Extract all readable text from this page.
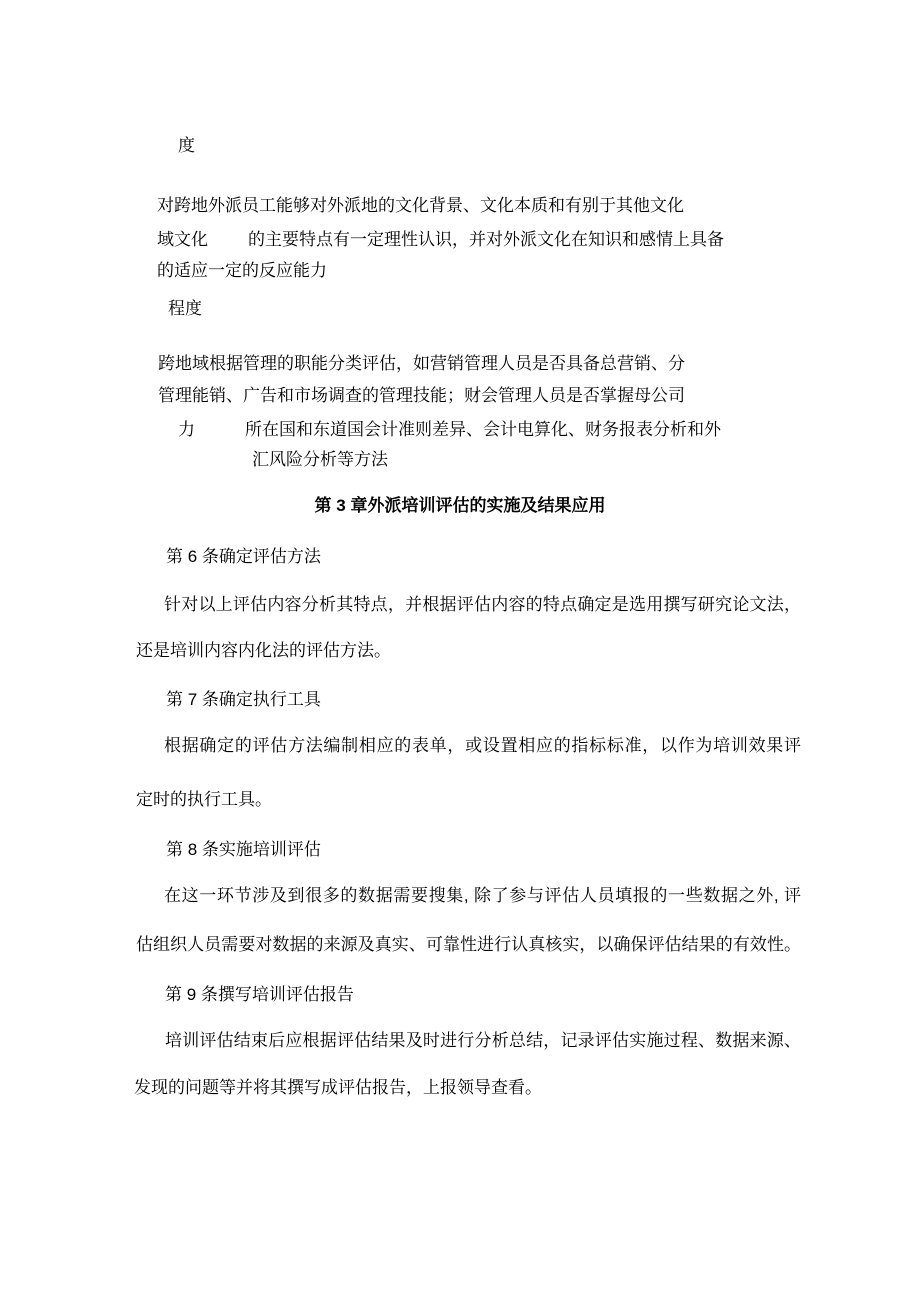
度
对跨地外派员工能够对外派地的文化背景、文化本质和有别于其他文化
域文化 的主要特点有一定理性认识，并对外派文化在知识和感情上具备
的适应一定的反应能力
程度
跨地域根据管理的职能分类评估，如营销管理人员是否具备总营销、分
管理能销、广告和市场调查的管理技能；财会管理人员是否掌握母公司
力	所在国和东道国会计准则差异、会计电算化、财务报表分析和外
汇风险分析等方法
第 3 章外派培训评估的实施及结果应用
第 6 条确定评估方法
针对以上评估内容分析其特点，并根据评估内容的特点确定是选用撰写研究论文法，
还是培训内容内化法的评估方法。
第 7 条确定执行工具
根据确定的评估方法编制相应的表单，或设置相应的指标标准，以作为培训效果评
定时的执行工具。
第 8 条实施培训评估
在这一环节涉及到很多的数据需要搜集, 除了参与评估人员填报的一些数据之外, 评
估组织人员需要对数据的来源及真实、可靠性进行认真核实，以确保评估结果的有效性。
第 9 条撰写培训评估报告
培训评估结束后应根据评估结果及时进行分析总结，记录评估实施过程、数据来源、
发现的问题等并将其撰写成评估报告，上报领导查看。
